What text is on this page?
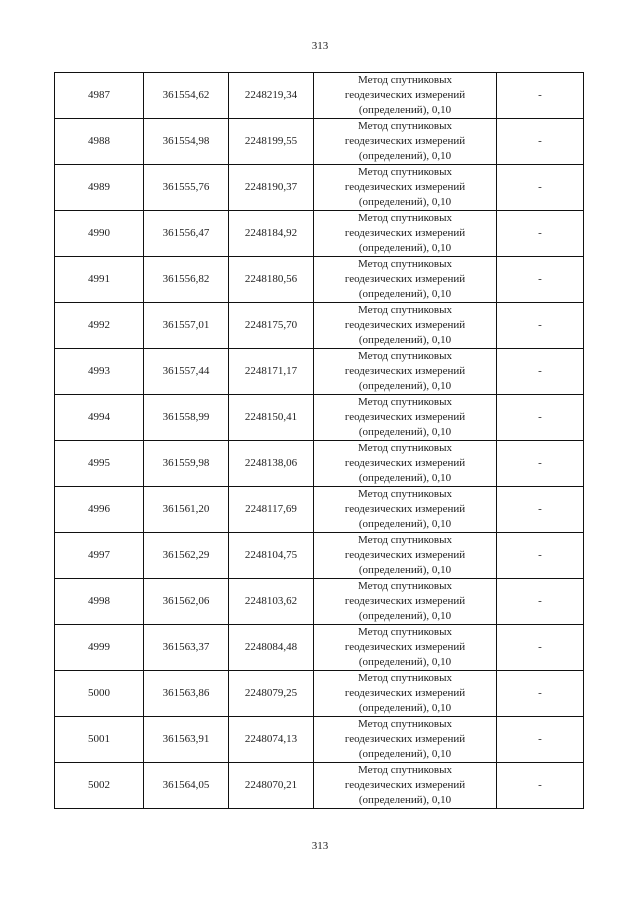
313
4987	361554,62	2248219,34	Метод спутниковых
геодезических измерений
(определений), 0,10	-
4988	361554,98	2248199,55	Метод спутниковых
геодезических измерений
(определений), 0,10	-
4989	361555,76	2248190,37	Метод спутниковых
геодезических измерений
(определений), 0,10	-
4990	361556,47	2248184,92	Метод спутниковых
геодезических измерений
(определений), 0,10	-
4991	361556,82	2248180,56	Метод спутниковых
геодезических измерений
(определений), 0,10	-
4992	361557,01	2248175,70	Метод спутниковых
геодезических измерений
(определений), 0,10	-
4993	361557,44	2248171,17	Метод спутниковых
геодезических измерений
(определений), 0,10	-
4994	361558,99	2248150,41	Метод спутниковых
геодезических измерений
(определений), 0,10	-
4995	361559,98	2248138,06	Метод спутниковых
геодезических измерений
(определений), 0,10	-
4996	361561,20	2248117,69	Метод спутниковых
геодезических измерений
(определений), 0,10	-
4997	361562,29	2248104,75	Метод спутниковых
геодезических измерений
(определений), 0,10	-
4998	361562,06	2248103,62	Метод спутниковых
геодезических измерений
(определений), 0,10	-
4999	361563,37	2248084,48	Метод спутниковых
геодезических измерений
(определений), 0,10	-
5000	361563,86	2248079,25	Метод спутниковых
геодезических измерений
(определений), 0,10	-
5001	361563,91	2248074,13	Метод спутниковых
геодезических измерений
(определений), 0,10	-
5002	361564,05	2248070,21	Метод спутниковых
геодезических измерений
(определений), 0,10	-
313
